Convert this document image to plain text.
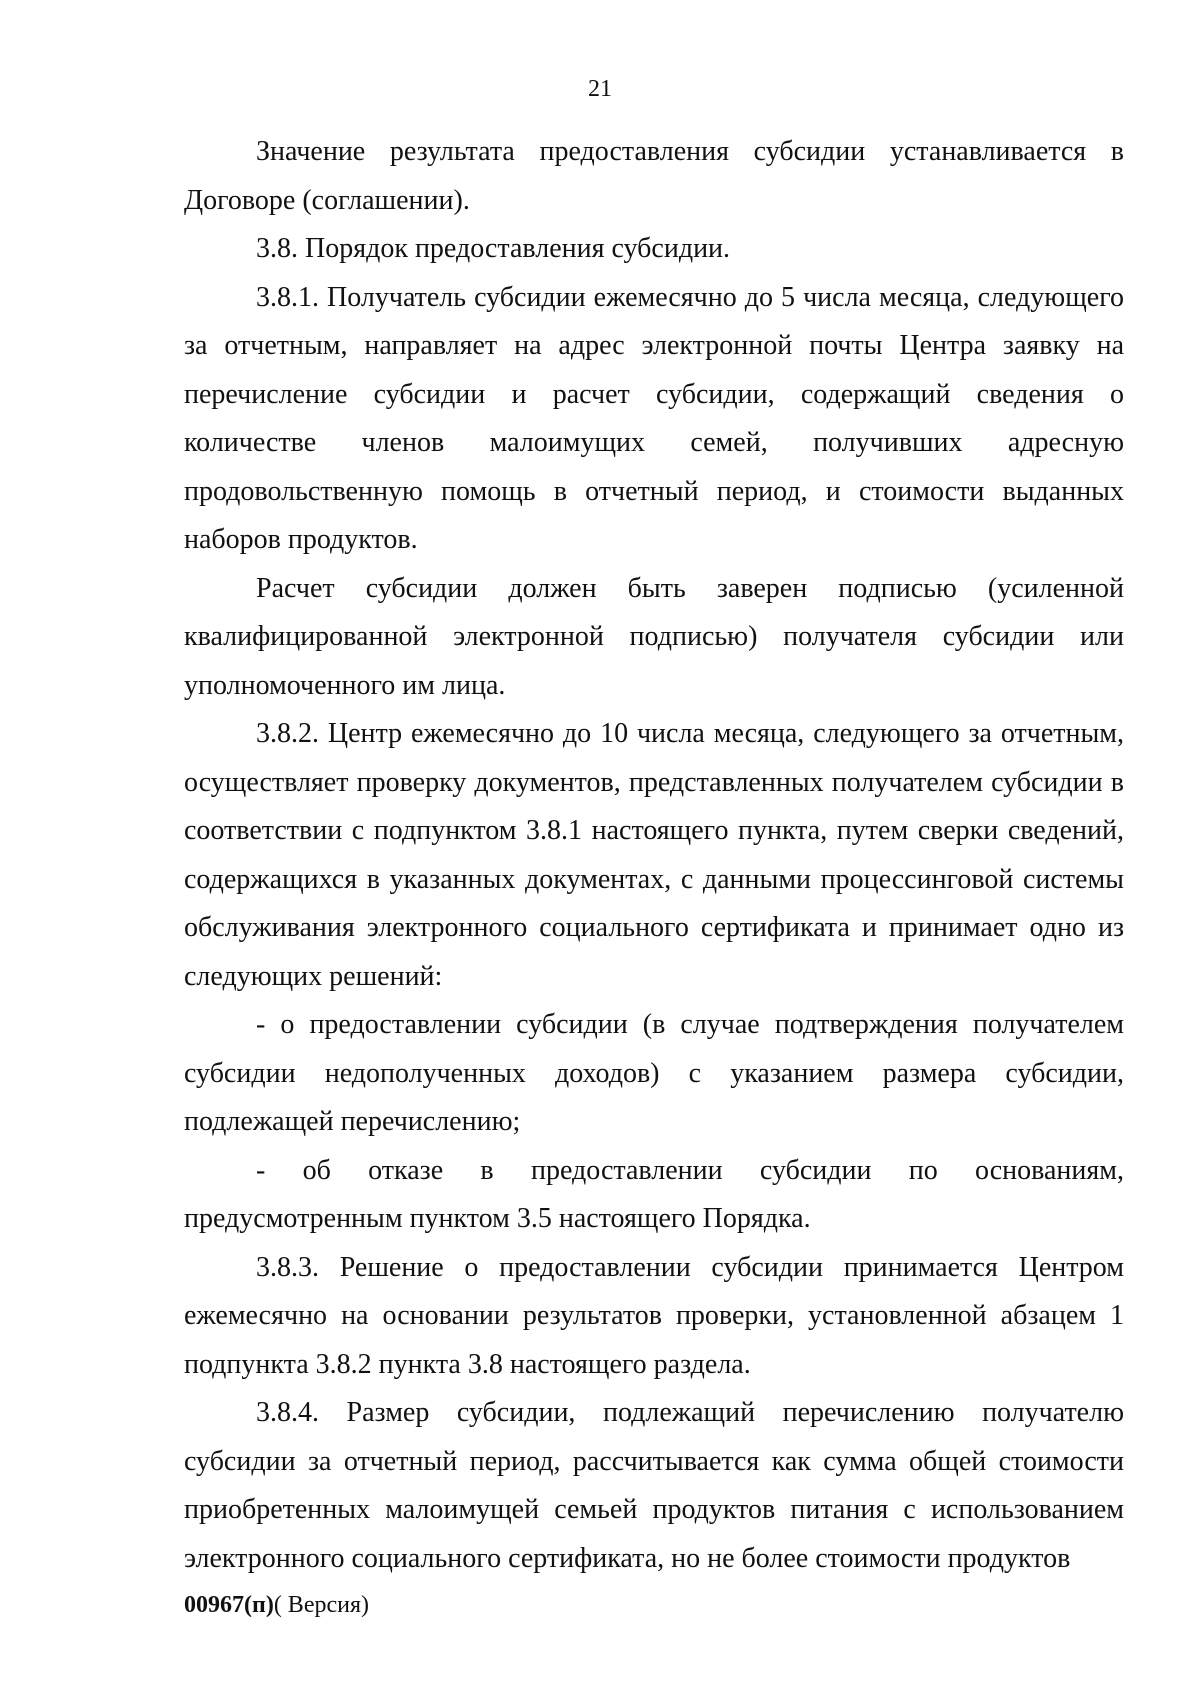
21

Значение результата предоставления субсидии устанавливается в Договоре (соглашении).

3.8. Порядок предоставления субсидии.

3.8.1. Получатель субсидии ежемесячно до 5 числа месяца, следующего за отчетным, направляет на адрес электронной почты Центра заявку на перечисление субсидии и расчет субсидии, содержащий сведения о количестве членов малоимущих семей, получивших адресную продовольственную помощь в отчетный период, и стоимости выданных наборов продуктов.

Расчет субсидии должен быть заверен подписью (усиленной квалифицированной электронной подписью) получателя субсидии или уполномоченного им лица.

3.8.2. Центр ежемесячно до 10 числа месяца, следующего за отчетным, осуществляет проверку документов, представленных получателем субсидии в соответствии с подпунктом 3.8.1 настоящего пункта, путем сверки сведений, содержащихся в указанных документах, с данными процессинговой системы обслуживания электронного социального сертификата и принимает одно из следующих решений:

- о предоставлении субсидии (в случае подтверждения получателем субсидии недополученных доходов) с указанием размера субсидии, подлежащей перечислению;

- об отказе в предоставлении субсидии по основаниям, предусмотренным пунктом 3.5 настоящего Порядка.

3.8.3. Решение о предоставлении субсидии принимается Центром ежемесячно на основании результатов проверки, установленной абзацем 1 подпункта 3.8.2 пункта 3.8 настоящего раздела.

3.8.4. Размер субсидии, подлежащий перечислению получателю субсидии за отчетный период, рассчитывается как сумма общей стоимости приобретенных малоимущей семьей продуктов питания с использованием электронного социального сертификата, но не более стоимости продуктов

00967(п)( Версия)
